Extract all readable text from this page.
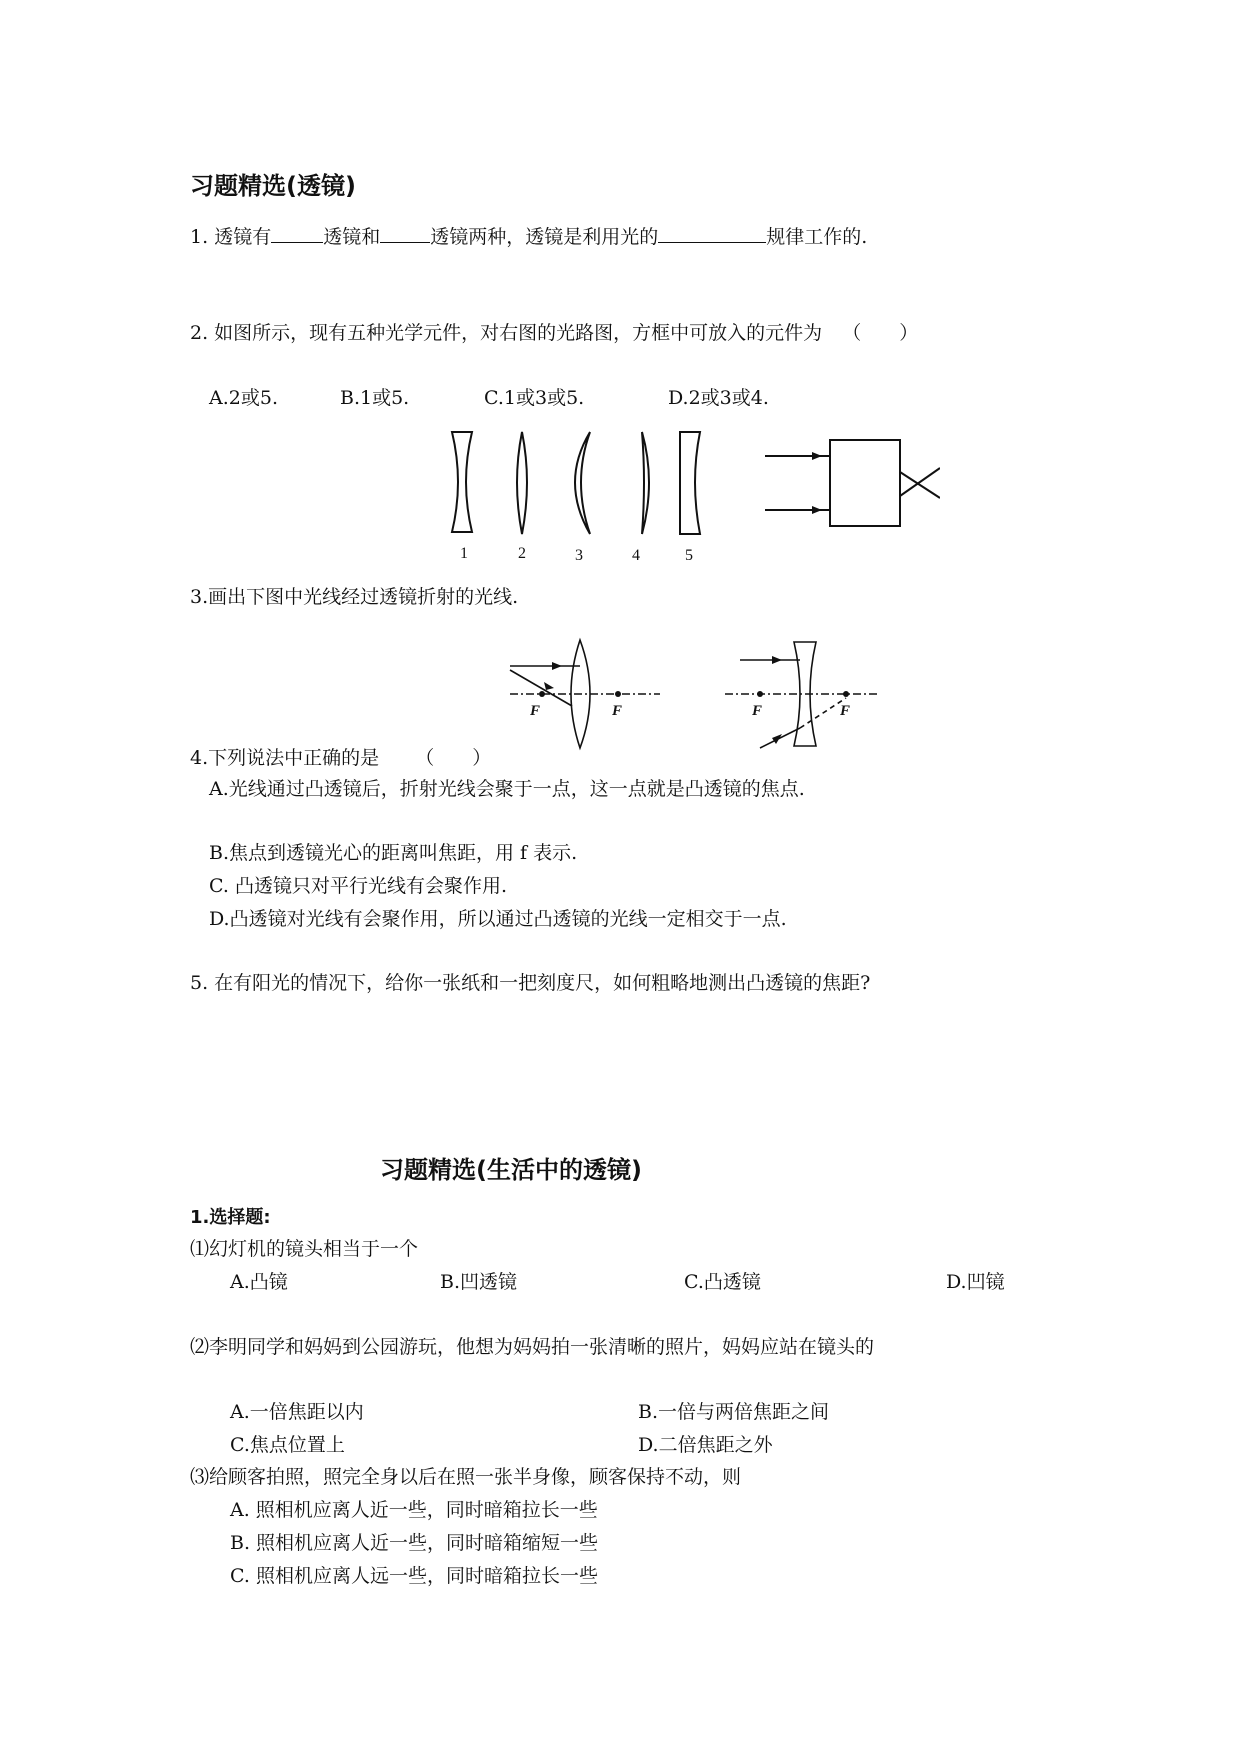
习题精选(透镜)
1. 透镜有	透镜和	透镜两种，透镜是利用光的	规律工作的.
2. 如图所示，现有五种光学元件，对右图的光路图，方框中可放入的元件为 （　　）
A.2或5.	B.1或5.	C.1或3或5.	D.2或3或4.
1	2	3	4	5
3.画出下图中光线经过透镜折射的光线.
F	F	F	F
4.下列说法中正确的是 （　　）
A.光线通过凸透镜后，折射光线会聚于一点，这一点就是凸透镜的焦点.
B.焦点到透镜光心的距离叫焦距，用 f 表示.
C. 凸透镜只对平行光线有会聚作用.
D.凸透镜对光线有会聚作用，所以通过凸透镜的光线一定相交于一点.
5. 在有阳光的情况下，给你一张纸和一把刻度尺，如何粗略地测出凸透镜的焦距?
习题精选(生活中的透镜)
1.选择题:
⑴幻灯机的镜头相当于一个
A.凸镜	B.凹透镜	C.凸透镜	D.凹镜
⑵李明同学和妈妈到公园游玩，他想为妈妈拍一张清晰的照片，妈妈应站在镜头的
A.一倍焦距以内	B.一倍与两倍焦距之间
C.焦点位置上	D.二倍焦距之外
⑶给顾客拍照，照完全身以后在照一张半身像，顾客保持不动，则
A. 照相机应离人近一些，同时暗箱拉长一些
B. 照相机应离人近一些，同时暗箱缩短一些
C. 照相机应离人远一些，同时暗箱拉长一些
